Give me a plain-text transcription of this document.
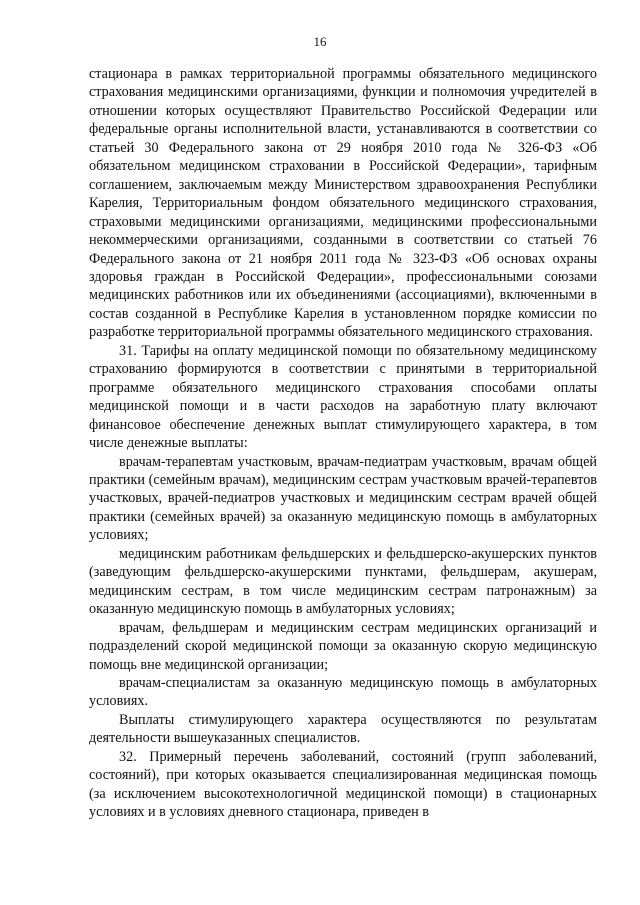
16

стационара в рамках территориальной программы обязательного медицинского страхования медицинскими организациями, функции и полномочия учредителей в отношении которых осуществляют Правительство Российской Федерации или федеральные органы исполнительной власти, устанавливаются в соответствии со статьей 30 Федерального закона от 29 ноября 2010 года № 326-ФЗ «Об обязательном медицинском страховании в Российской Федерации», тарифным соглашением, заключаемым между Министерством здравоохранения Республики Карелия, Территориальным фондом обязательного медицинского страхования, страховыми медицинскими организациями, медицинскими профессиональными некоммерческими организациями, созданными в соответствии со статьей 76 Федерального закона от 21 ноября 2011 года № 323-ФЗ «Об основах охраны здоровья граждан в Российской Федерации», профессиональными союзами медицинских работников или их объединениями (ассоциациями), включенными в состав созданной в Республике Карелия в установленном порядке комиссии по разработке территориальной программы обязательного медицинского страхования.

31. Тарифы на оплату медицинской помощи по обязательному медицинскому страхованию формируются в соответствии с принятыми в территориальной программе обязательного медицинского страхования способами оплаты медицинской помощи и в части расходов на заработную плату включают финансовое обеспечение денежных выплат стимулирующего характера, в том числе денежные выплаты:

врачам-терапевтам участковым, врачам-педиатрам участковым, врачам общей практики (семейным врачам), медицинским сестрам участковым врачей-терапевтов участковых, врачей-педиатров участковых и медицинским сестрам врачей общей практики (семейных врачей) за оказанную медицинскую помощь в амбулаторных условиях;

медицинским работникам фельдшерских и фельдшерско-акушерских пунктов (заведующим фельдшерско-акушерскими пунктами, фельдшерам, акушерам, медицинским сестрам, в том числе медицинским сестрам патронажным) за оказанную медицинскую помощь в амбулаторных условиях;

врачам, фельдшерам и медицинским сестрам медицинских организаций и подразделений скорой медицинской помощи за оказанную скорую медицинскую помощь вне медицинской организации;

врачам-специалистам за оказанную медицинскую помощь в амбулаторных условиях.

Выплаты стимулирующего характера осуществляются по результатам деятельности вышеуказанных специалистов.

32. Примерный перечень заболеваний, состояний (групп заболеваний, состояний), при которых оказывается специализированная медицинская помощь (за исключением высокотехнологичной медицинской помощи) в стационарных условиях и в условиях дневного стационара, приведен в
